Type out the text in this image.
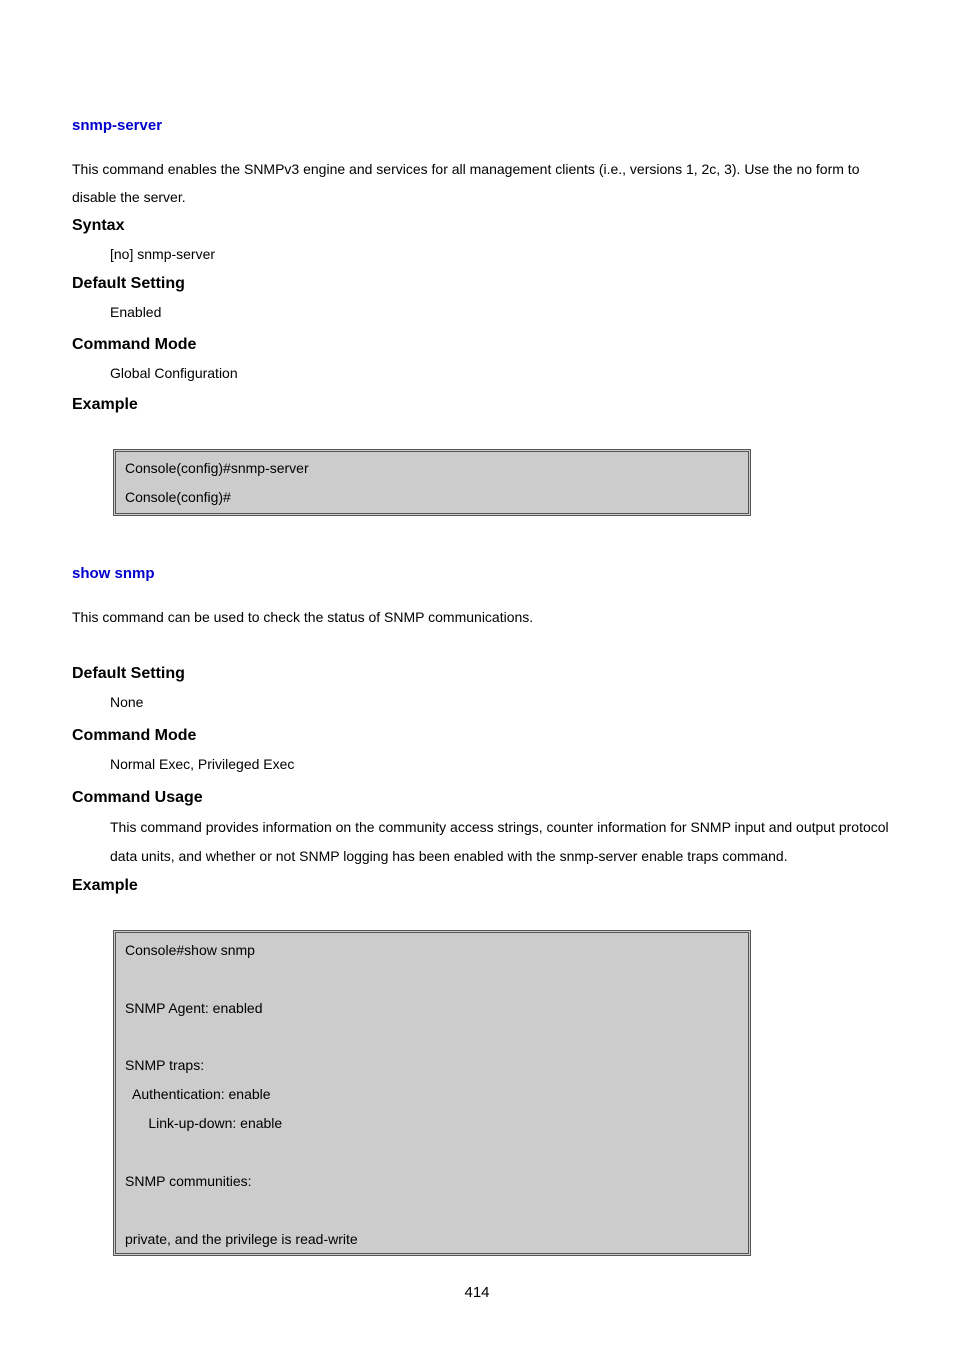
snmp-server
This command enables the SNMPv3 engine and services for all management clients (i.e., versions 1, 2c, 3). Use the no form to disable the server.
Syntax
[no] snmp-server
Default Setting
Enabled
Command Mode
Global Configuration
Example
Console(config)#snmp-server
Console(config)#
show snmp
This command can be used to check the status of SNMP communications.
Default Setting
None
Command Mode
Normal Exec, Privileged Exec
Command Usage
This command provides information on the community access strings, counter information for SNMP input and output protocol data units, and whether or not SNMP logging has been enabled with the snmp-server enable traps command.
Example
Console#show snmp
SNMP Agent: enabled
SNMP traps:
Authentication: enable
Link-up-down: enable
SNMP communities:
private, and the privilege is read-write
414
